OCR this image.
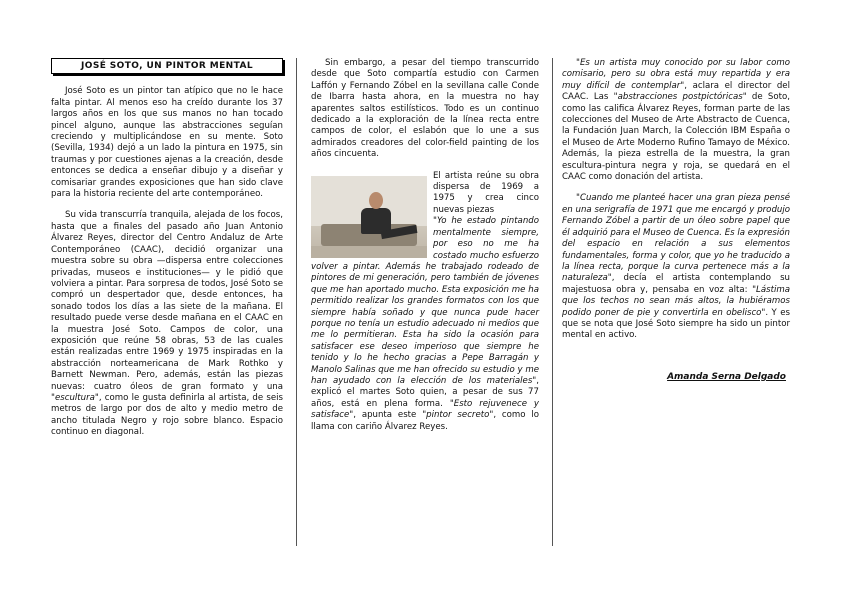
JOSÉ SOTO, UN PINTOR MENTAL

José Soto es un pintor tan atípico que no le hace falta pintar. Al menos eso ha creído durante los 37 largos años en los que sus manos no han tocado pincel alguno, aunque las abstracciones seguían creciendo y multiplicándose en su mente. Soto (Sevilla, 1934) dejó a un lado la pintura en 1975, sin traumas y por cuestiones ajenas a la creación, desde entonces se dedica a enseñar dibujo y a diseñar y comisariar grandes exposiciones que han sido clave para la historia reciente del arte contemporáneo.

Su vida transcurría tranquila, alejada de los focos, hasta que a finales del pasado año Juan Antonio Álvarez Reyes, director del Centro Andaluz de Arte Contemporáneo (CAAC), decidió organizar una muestra sobre su obra —dispersa entre colecciones privadas, museos e instituciones— y le pidió que volviera a pintar. Para sorpresa de todos, José Soto se compró un despertador que, desde entonces, ha sonado todos los días a las siete de la mañana. El resultado puede verse desde mañana en el CAAC en la muestra José Soto. Campos de color, una exposición que reúne 58 obras, 53 de las cuales están realizadas entre 1969 y 1975 inspiradas en la abstracción norteamericana de Mark Rothko y Barnett Newman. Pero, además, están las piezas nuevas: cuatro óleos de gran formato y una "escultura", como le gusta definirla al artista, de seis metros de largo por dos de alto y medio metro de ancho titulada Negro y rojo sobre blanco. Espacio continuo en diagonal.

Sin embargo, a pesar del tiempo transcurrido desde que Soto compartía estudio con Carmen Laffón y Fernando Zóbel en la sevillana calle Conde de Ibarra hasta ahora, en la muestra no hay aparentes saltos estilísticos. Todo es un continuo dedicado a la exploración de la línea recta entre campos de color, el eslabón que lo une a sus admirados creadores del color-field painting de los años cincuenta.

El artista reúne su obra dispersa de 1969 a 1975 y crea cinco nuevas piezas
"Yo he estado pintando mentalmente siempre, por eso no me ha costado mucho esfuerzo volver a pintar. Además he trabajado rodeado de pintores de mi generación, pero también de jóvenes que me han aportado mucho. Esta exposición me ha permitido realizar los grandes formatos con los que siempre había soñado y que nunca pude hacer porque no tenía un estudio adecuado ni medios que me lo permitieran. Esta ha sido la ocasión para satisfacer ese deseo imperioso que siempre he tenido y lo he hecho gracias a Pepe Barragán y Manolo Salinas que me han ofrecido su estudio y me han ayudado con la elección de los materiales", explicó el martes Soto quien, a pesar de sus 77 años, está en plena forma. "Esto rejuvenece y satisface", apunta este "pintor secreto", como lo llama con cariño Álvarez Reyes.

"Es un artista muy conocido por su labor como comisario, pero su obra está muy repartida y era muy difícil de contemplar", aclara el director del CAAC. Las "abstracciones postpictóricas" de Soto, como las califica Álvarez Reyes, forman parte de las colecciones del Museo de Arte Abstracto de Cuenca, la Fundación Juan March, la Colección IBM España o el Museo de Arte Moderno Rufino Tamayo de México. Además, la pieza estrella de la muestra, la gran escultura-pintura negra y roja, se quedará en el CAAC como donación del artista.

"Cuando me planteé hacer una gran pieza pensé en una serigrafía de 1971 que me encargó y produjo Fernando Zóbel a partir de un óleo sobre papel que él adquirió para el Museo de Cuenca. Es la expresión del espacio en relación a sus elementos fundamentales, forma y color, que yo he traducido a la línea recta, porque la curva pertenece más a la naturaleza", decía el artista contemplando su majestuosa obra y, pensaba en voz alta: "Lástima que los techos no sean más altos, la hubiéramos podido poner de pie y convertirla en obelisco". Y es que se nota que José Soto siempre ha sido un pintor mental en activo.

Amanda Serna Delgado
